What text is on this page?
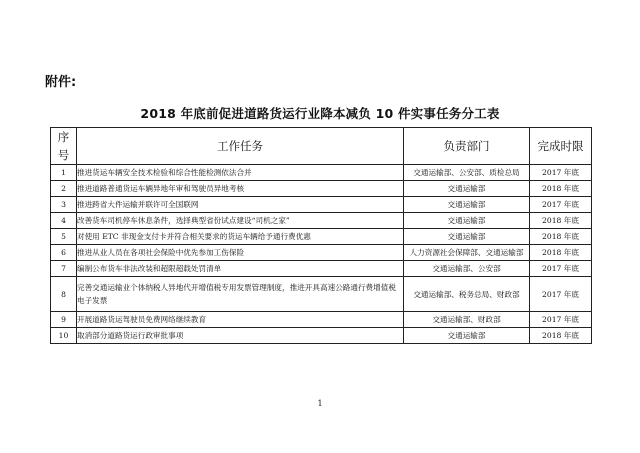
附件:
2018 年底前促进道路货运行业降本减负 10 件实事任务分工表
序
号	工作任务	负责部门	完成时限
1	推进货运车辆安全技术检验和综合性能检测依法合并	交通运输部、公安部、质检总局	2017 年底
2	推进道路普通货运车辆异地年审和驾驶员异地考核	交通运输部	2018 年底
3	推进跨省大件运输并联许可全国联网	交通运输部	2017 年底
4	改善货车司机停车休息条件，选择典型省份试点建设“司机之家”	交通运输部	2018 年底
5	对使用 ETC 非现金支付卡并符合相关要求的货运车辆给予通行费优惠	交通运输部	2018 年底
6	推进从业人员在各项社会保险中优先参加工伤保险	人力资源社会保障部、交通运输部	2018 年底
7	编制公布货车非法改装和超限超载处罚清单	交通运输部、公安部	2017 年底
8	完善交通运输业个体纳税人异地代开增值税专用发票管理制度，推进开具高速公路通行费增值税电子发票	交通运输部、税务总局、财政部	2017 年底
9	开展道路货运驾驶员免费网络继续教育	交通运输部、财政部	2017 年底
10	取消部分道路货运行政审批事项	交通运输部	2018 年底
1
